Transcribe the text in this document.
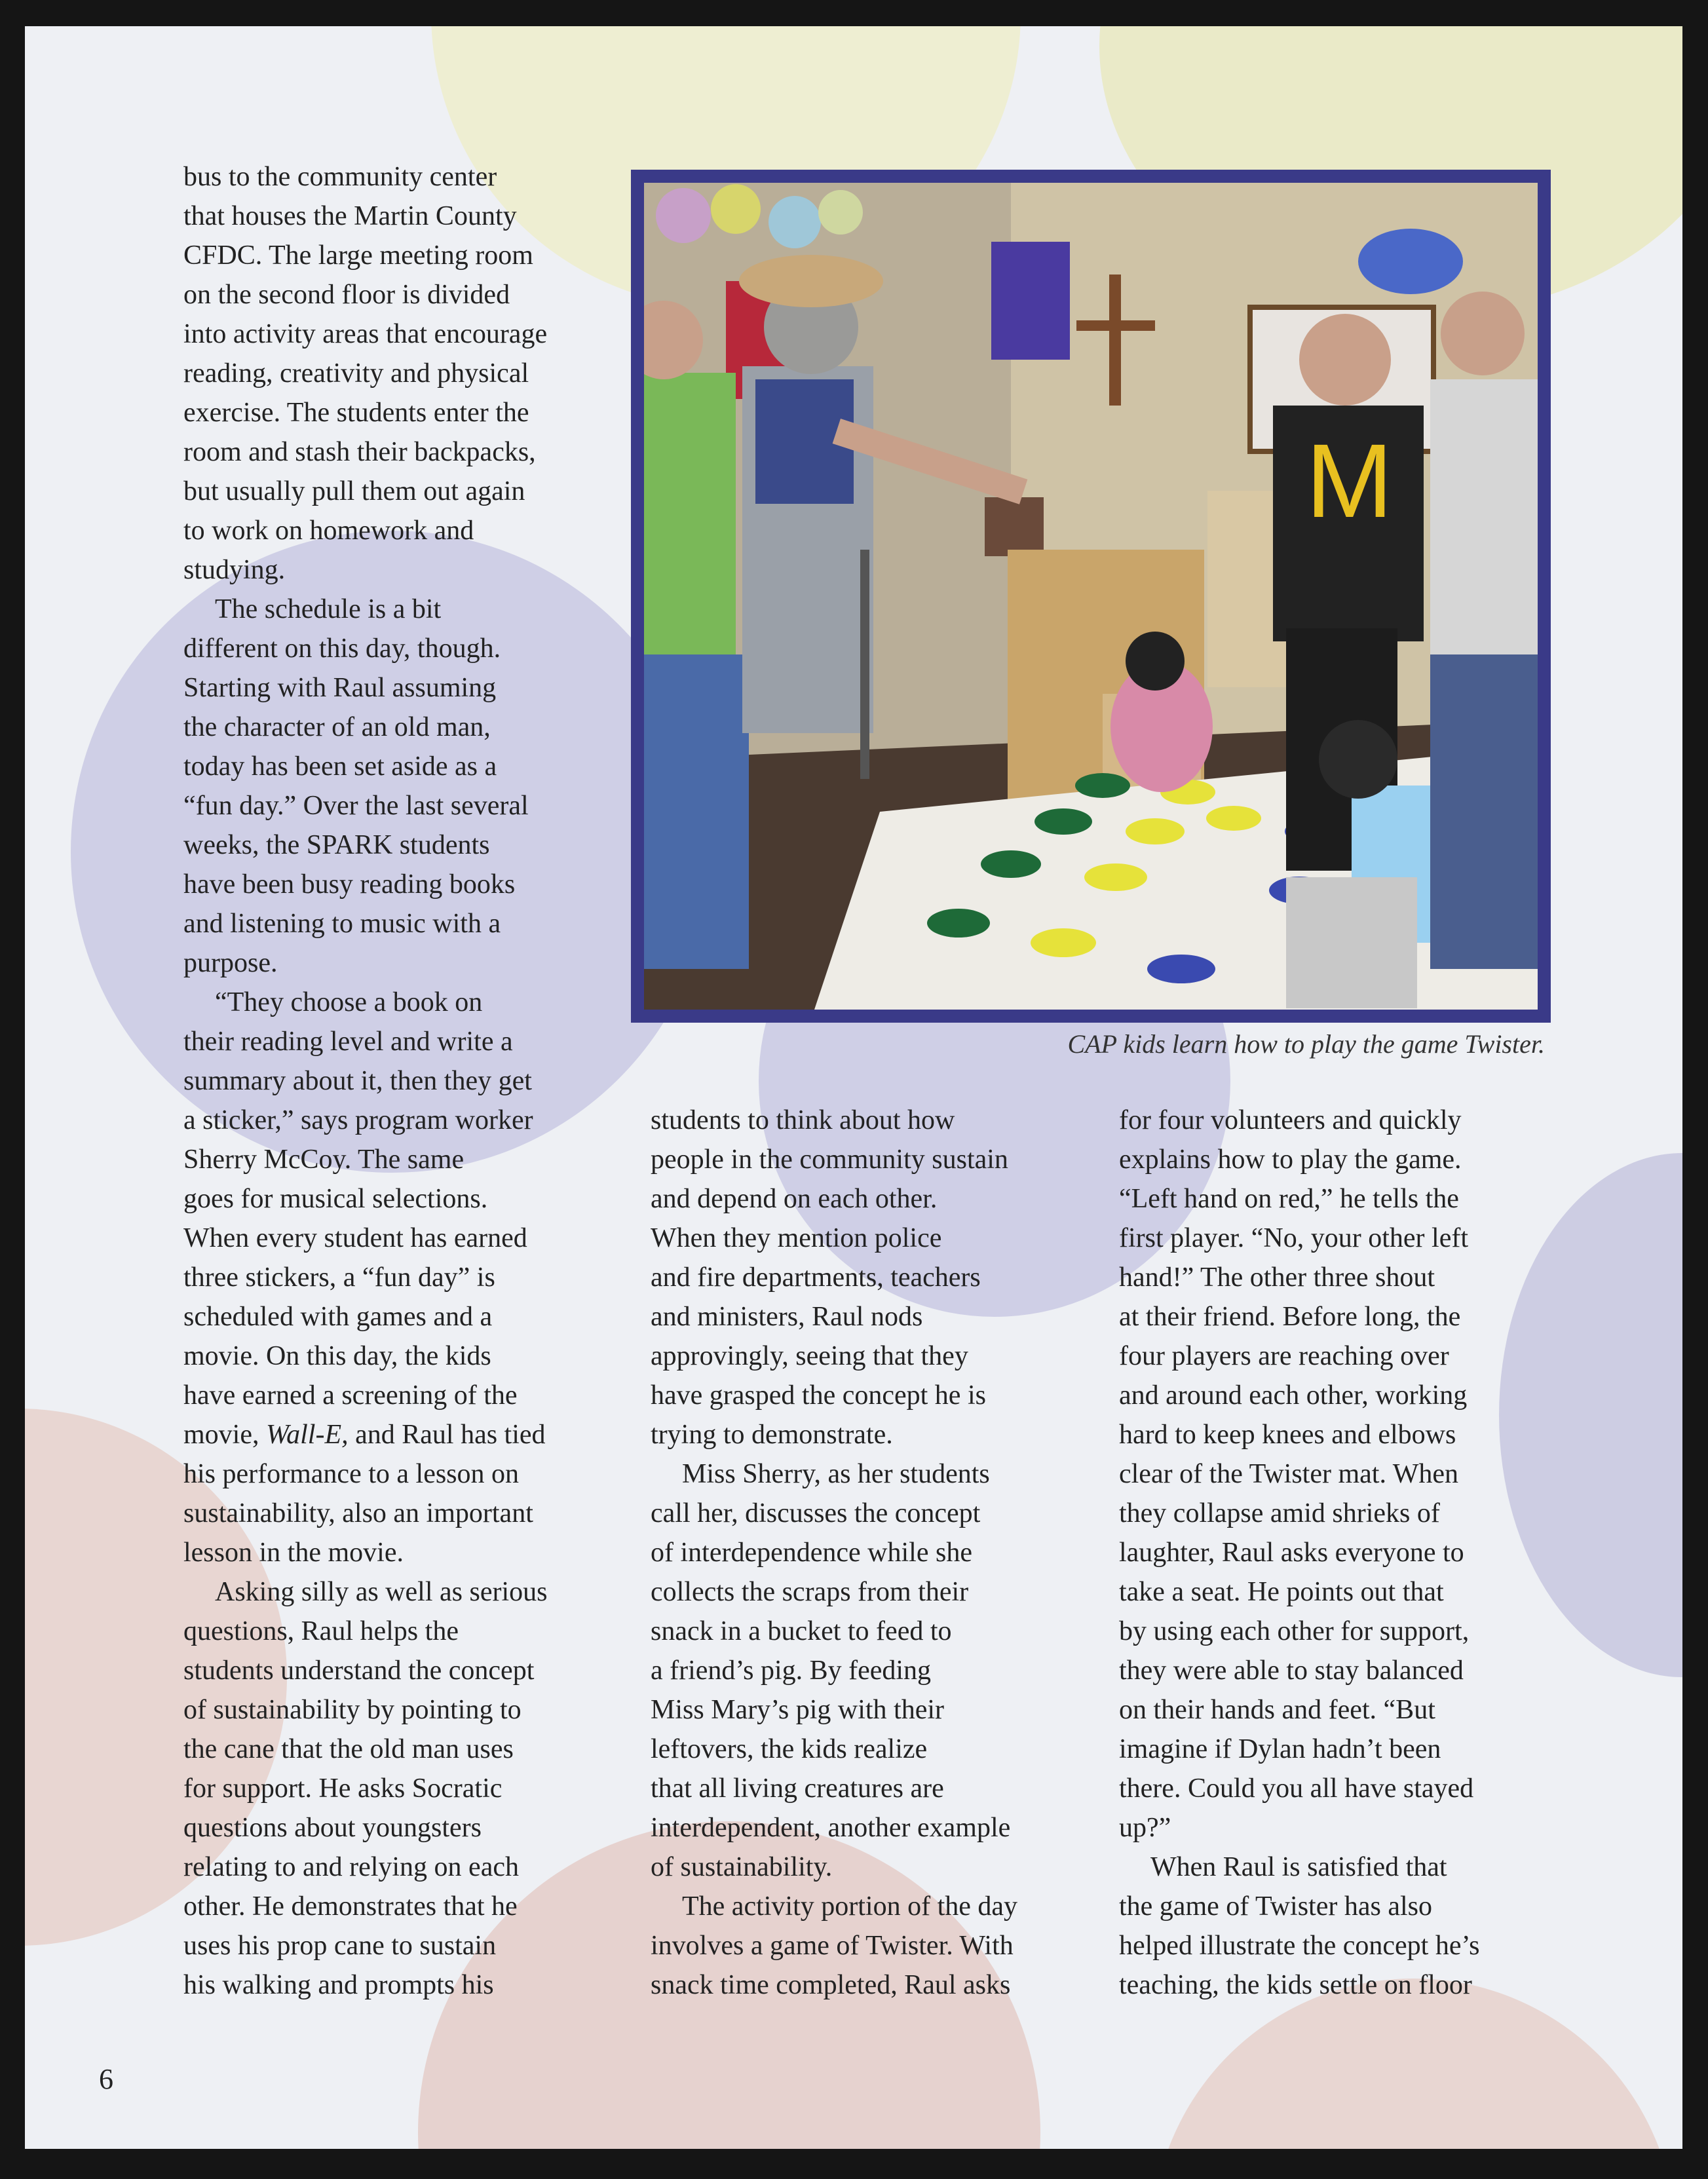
bus to the community center

that houses the Martin County

CFDC. The large meeting room

on the second floor is divided

into activity areas that encourage

reading, creativity and physical

exercise. The students enter the

room and stash their backpacks,

but usually pull them out again

to work on homework and

studying.

The schedule is a bit

different on this day, though.

Starting with Raul assuming

the character of an old man,

today has been set aside as a

“fun day.” Over the last several

weeks, the SPARK students

have been busy reading books

and listening to music with a

purpose.

“They choose a book on

their reading level and write a

summary about it, then they get

a sticker,” says program worker

Sherry McCoy. The same

goes for musical selections.

When every student has earned

three stickers, a “fun day” is

scheduled with games and a

movie. On this day, the kids

have earned a screening of the

movie, Wall-E, and Raul has tied

his performance to a lesson on

sustainability, also an important

lesson in the movie.

Asking silly as well as serious

questions, Raul helps the

students understand the concept

of sustainability by pointing to

the cane that the old man uses

for support. He asks Socratic

questions about youngsters

relating to and relying on each

other. He demonstrates that he

uses his prop cane to sustain

his walking and prompts his

M
CAP kids learn how to play the game Twister.

students to think about how

people in the community sustain

and depend on each other.

When they mention police

and fire departments, teachers

and ministers, Raul nods

approvingly, seeing that they

have grasped the concept he is

trying to demonstrate.

Miss Sherry, as her students

call her, discusses the concept

of interdependence while she

collects the scraps from their

snack in a bucket to feed to

a friend’s pig. By feeding

Miss Mary’s pig with their

leftovers, the kids realize

that all living creatures are

interdependent, another example

of sustainability.

The activity portion of the day

involves a game of Twister. With

snack time completed, Raul asks

for four volunteers and quickly

explains how to play the game.

“Left hand on red,” he tells the

first player. “No, your other left

hand!” The other three shout

at their friend. Before long, the

four players are reaching over

and around each other, working

hard to keep knees and elbows

clear of the Twister mat. When

they collapse amid shrieks of

laughter, Raul asks everyone to

take a seat. He points out that

by using each other for support,

they were able to stay balanced

on their hands and feet. “But

imagine if Dylan hadn’t been

there. Could you all have stayed

up?”

When Raul is satisfied that

the game of Twister has also

helped illustrate the concept he’s

teaching, the kids settle on floor

6
